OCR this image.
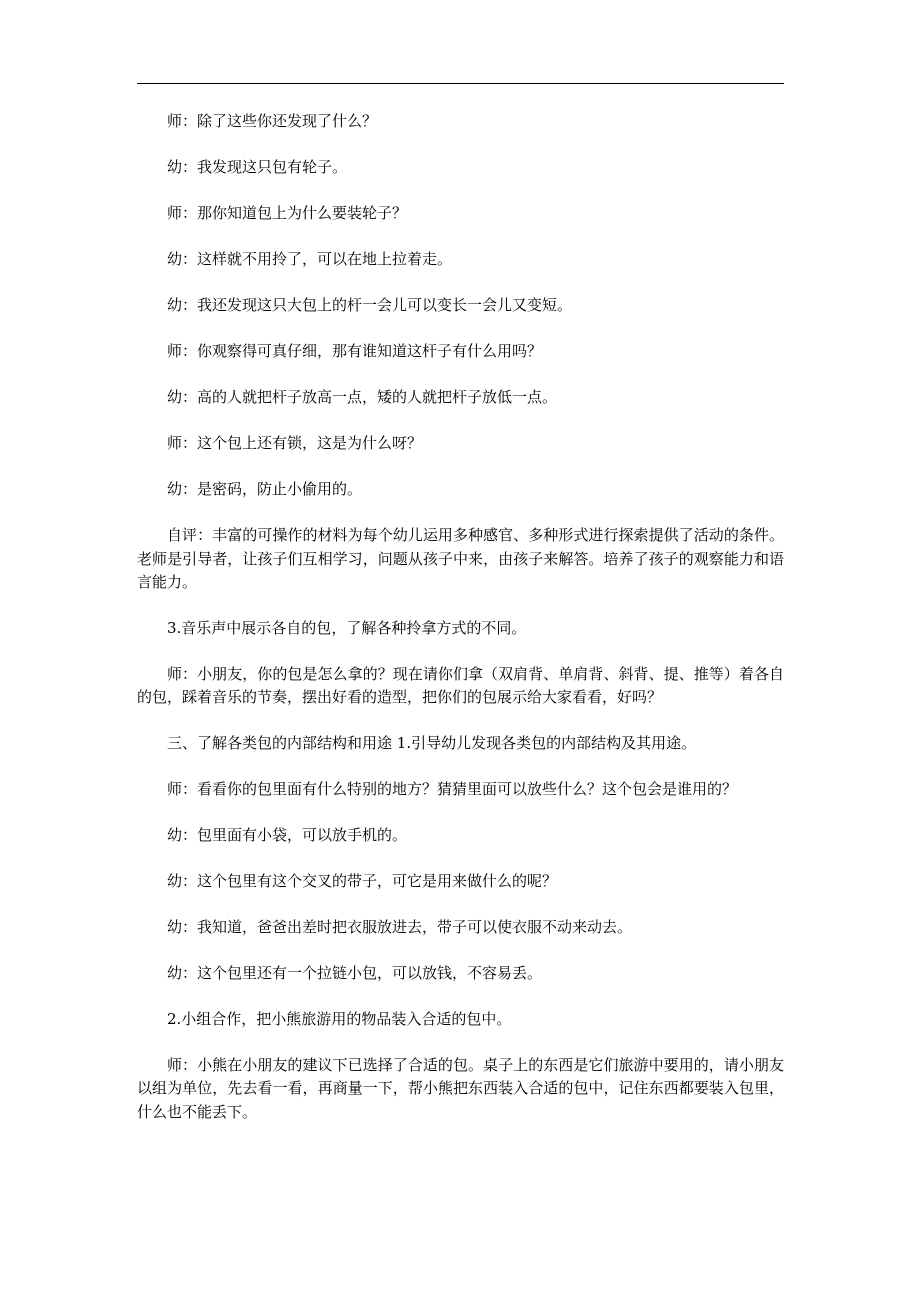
师：除了这些你还发现了什么？

幼：我发现这只包有轮子。

师：那你知道包上为什么要装轮子？

幼：这样就不用拎了，可以在地上拉着走。

幼：我还发现这只大包上的杆一会儿可以变长一会儿又变短。

师：你观察得可真仔细，那有谁知道这杆子有什么用吗？

幼：高的人就把杆子放高一点，矮的人就把杆子放低一点。

师：这个包上还有锁，这是为什么呀？

幼：是密码，防止小偷用的。

自评：丰富的可操作的材料为每个幼儿运用多种感官、多种形式进行探索提供了活动的条件。老师是引导者，让孩子们互相学习，问题从孩子中来，由孩子来解答。培养了孩子的观察能力和语言能力。

3.音乐声中展示各自的包，了解各种拎拿方式的不同。

师：小朋友，你的包是怎么拿的？现在请你们拿（双肩背、单肩背、斜背、提、推等）着各自的包，踩着音乐的节奏，摆出好看的造型，把你们的包展示给大家看看，好吗？

三、了解各类包的内部结构和用途 1.引导幼儿发现各类包的内部结构及其用途。

师：看看你的包里面有什么特别的地方？猜猜里面可以放些什么？这个包会是谁用的？

幼：包里面有小袋，可以放手机的。

幼：这个包里有这个交叉的带子，可它是用来做什么的呢？

幼：我知道，爸爸出差时把衣服放进去，带子可以使衣服不动来动去。

幼：这个包里还有一个拉链小包，可以放钱，不容易丢。

2.小组合作，把小熊旅游用的物品装入合适的包中。

师：小熊在小朋友的建议下已选择了合适的包。桌子上的东西是它们旅游中要用的，请小朋友以组为单位，先去看一看，再商量一下，帮小熊把东西装入合适的包中，记住东西都要装入包里，什么也不能丢下。
